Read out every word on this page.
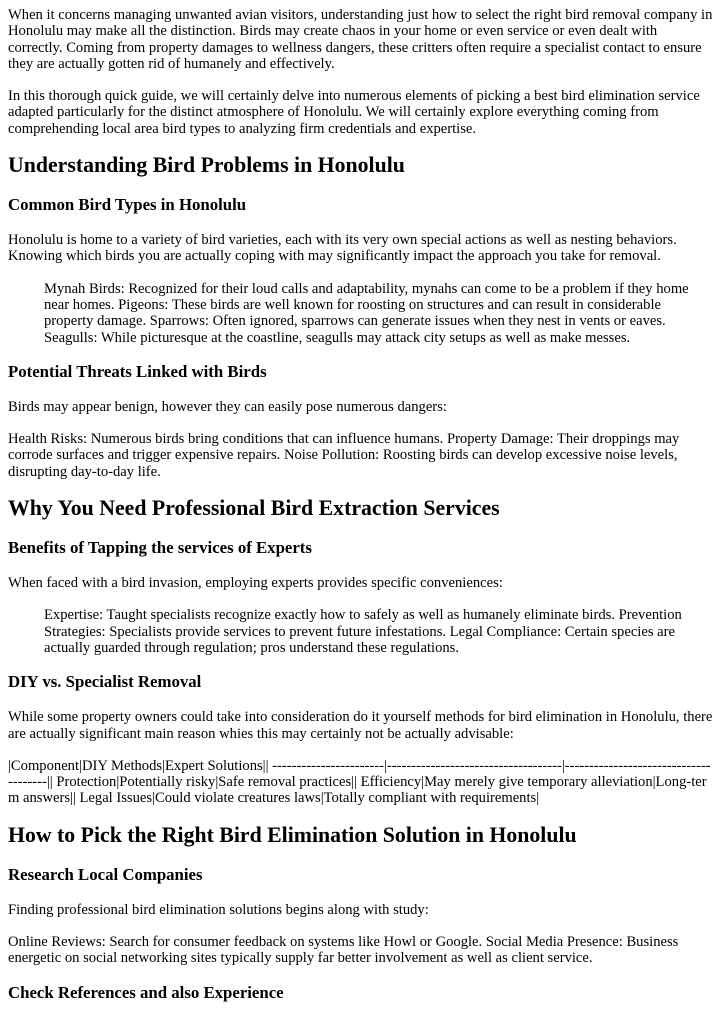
When it concerns managing unwanted avian visitors, understanding just how to select the right bird removal company in Honolulu may make all the distinction. Birds may create chaos in your home or even service or even dealt with correctly. Coming from property damages to wellness dangers, these critters often require a specialist contact to ensure they are actually gotten rid of humanely and effectively.

In this thorough quick guide, we will certainly delve into numerous elements of picking a best bird elimination service adapted particularly for the distinct atmosphere of Honolulu. We will certainly explore everything coming from comprehending local area bird types to analyzing firm credentials and expertise.

Understanding Bird Problems in Honolulu
Common Bird Types in Honolulu

Honolulu is home to a variety of bird varieties, each with its very own special actions as well as nesting behaviors. Knowing which birds you are actually coping with may significantly impact the approach you take for removal.

Mynah Birds: Recognized for their loud calls and adaptability, mynahs can come to be a problem if they home near homes. Pigeons: These birds are well known for roosting on structures and can result in considerable property damage. Sparrows: Often ignored, sparrows can generate issues when they nest in vents or eaves. Seagulls: While picturesque at the coastline, seagulls may attack city setups as well as make messes.
Potential Threats Linked with Birds

Birds may appear benign, however they can easily pose numerous dangers:

Health Risks: Numerous birds bring conditions that can influence humans. Property Damage: Their droppings may corrode surfaces and trigger expensive repairs. Noise Pollution: Roosting birds can develop excessive noise levels, disrupting day-to-day life.

Why You Need Professional Bird Extraction Services
Benefits of Tapping the services of Experts

When faced with a bird invasion, employing experts provides specific conveniences:

Expertise: Taught specialists recognize exactly how to safely as well as humanely eliminate birds. Prevention Strategies: Specialists provide services to prevent future infestations. Legal Compliance: Certain species are actually guarded through regulation; pros understand these regulations.
DIY vs. Specialist Removal

While some property owners could take into consideration do it yourself methods for bird elimination in Honolulu, there are actually significant main reason whies this may certainly not be actually advisable:

|Component|DIY Methods|Expert Solutions|| -----------------------|------------------------------------|--------------------------------------|| Protection|Potentially risky|Safe removal practices|| Efficiency|May merely give temporary alleviation|Long-term answers|| Legal Issues|Could violate creatures laws|Totally compliant with requirements|

How to Pick the Right Bird Elimination Solution in Honolulu
Research Local Companies

Finding professional bird elimination solutions begins along with study:

Online Reviews: Search for consumer feedback on systems like Howl or Google. Social Media Presence: Business energetic on social networking sites typically supply far better involvement as well as client service.

Check References and also Experience
